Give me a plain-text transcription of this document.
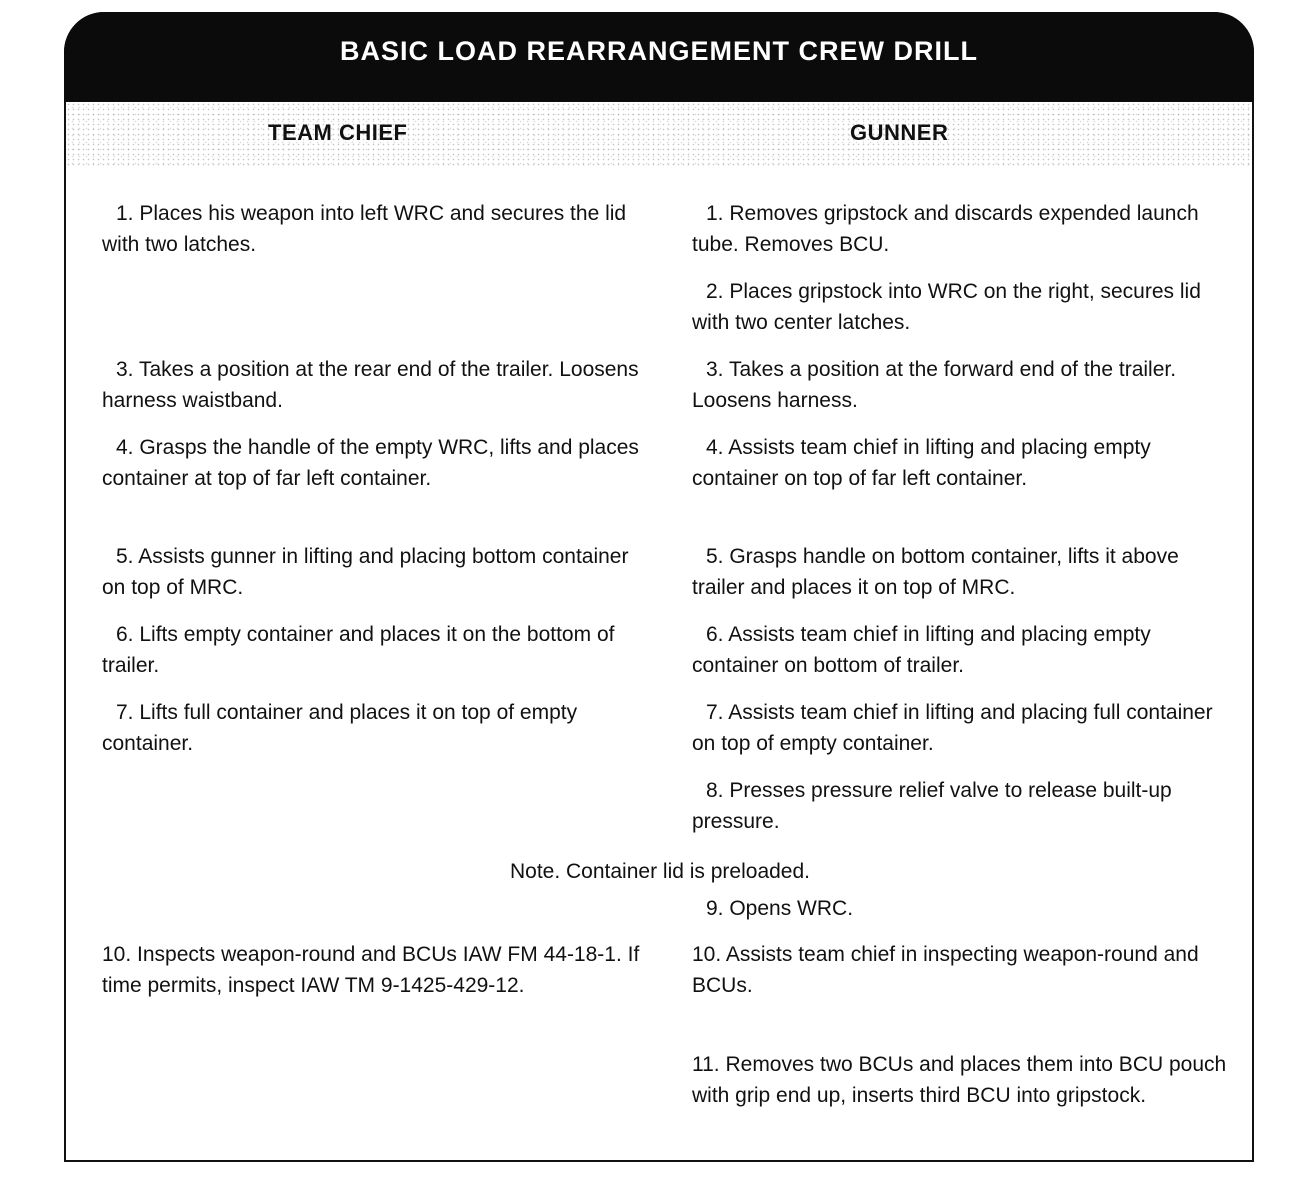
BASIC LOAD REARRANGEMENT CREW DRILL
TEAM CHIEF	GUNNER
1. Places his weapon into left WRC and secures the lid with two latches.
3. Takes a position at the rear end of the trailer. Loosens harness waistband.
4. Grasps the handle of the empty WRC, lifts and places container at top of far left container.
5. Assists gunner in lifting and placing bottom container on top of MRC.
6. Lifts empty container and places it on the bottom of trailer.
7. Lifts full container and places it on top of empty container.
10. Inspects weapon-round and BCUs IAW FM 44-18-1. If time permits, inspect IAW TM 9-1425-429-12.
1. Removes gripstock and discards expended launch tube. Removes BCU.
2. Places gripstock into WRC on the right, secures lid with two center latches.
3. Takes a position at the forward end of the trailer. Loosens harness.
4. Assists team chief in lifting and placing empty container on top of far left container.
5. Grasps handle on bottom container, lifts it above trailer and places it on top of MRC.
6. Assists team chief in lifting and placing empty container on bottom of trailer.
7. Assists team chief in lifting and placing full container on top of empty container.
8. Presses pressure relief valve to release built-up pressure.
9. Opens WRC.
10. Assists team chief in inspecting weapon-round and BCUs.
11. Removes two BCUs and places them into BCU pouch with grip end up, inserts third BCU into gripstock.
Note. Container lid is preloaded.
